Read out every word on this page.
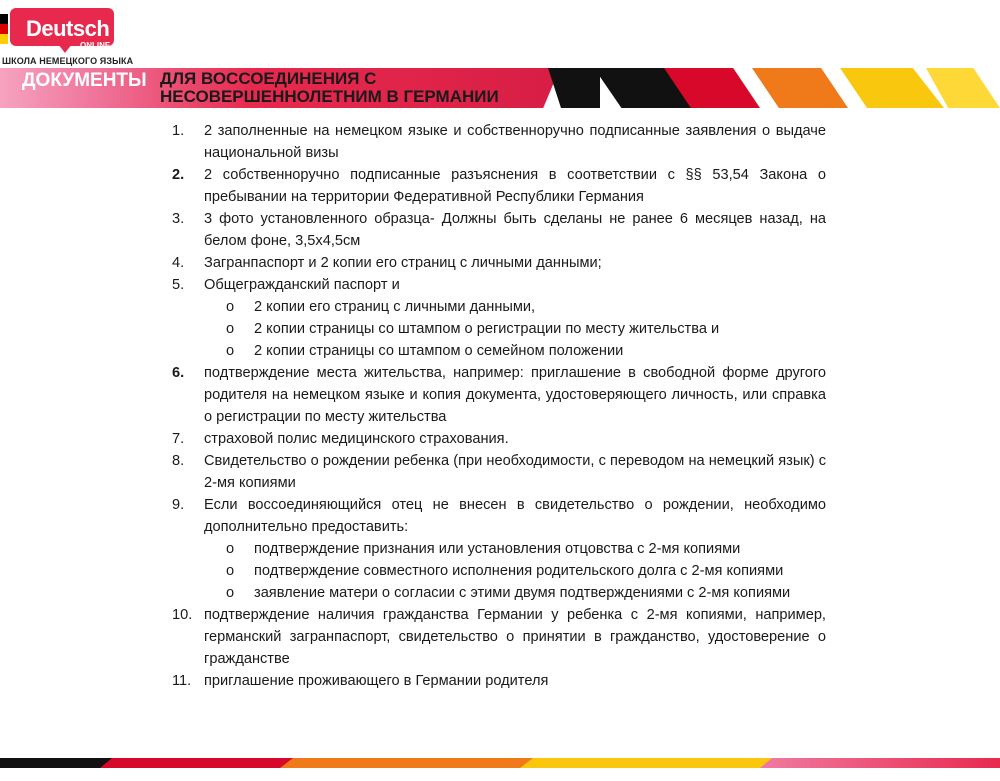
Deutsch
ONLINE
ШКОЛА НЕМЕЦКОГО ЯЗЫКА
ДОКУМЕНТЫ ДЛЯ ВОССОЕДИНЕНИЯ С НЕСОВЕРШЕННОЛЕТНИМ В ГЕРМАНИИ
1. 2 заполненные на немецком языке и собственноручно подписанные заявления о выдаче национальной визы
2. 2 собственноручно подписанные разъяснения в соответствии с §§ 53,54 Закона о пребывании на территории Федеративной Республики Германия
3. 3 фото установленного образца- Должны быть сделаны не ранее 6 месяцев назад, на белом фоне, 3,5х4,5см
4. Загранпаспорт и 2 копии его страниц с личными данными;
5. Общегражданский паспорт и
o 2 копии его страниц с личными данными,
o 2 копии страницы со штампом о регистрации по месту жительства и
o 2 копии страницы со штампом о семейном положении
6. подтверждение места жительства, например: приглашение в свободной форме другого родителя на немецком языке и копия документа, удостоверяющего личность, или справка о регистрации по месту жительства
7. страховой полис медицинского страхования.
8. Свидетельство о рождении ребенка (при необходимости, с переводом на немецкий язык) с 2-мя копиями
9. Если воссоединяющийся отец не внесен в свидетельство о рождении, необходимо дополнительно предоставить:
o подтверждение признания или установления отцовства с 2-мя копиями
o подтверждение совместного исполнения родительского долга с 2-мя копиями
o заявление матери о согласии с этими двумя подтверждениями с 2-мя копиями
10. подтверждение наличия гражданства Германии у ребенка с 2-мя копиями, например, германский загранпаспорт, свидетельство о принятии в гражданство, удостоверение о гражданстве
11. приглашение проживающего в Германии родителя
